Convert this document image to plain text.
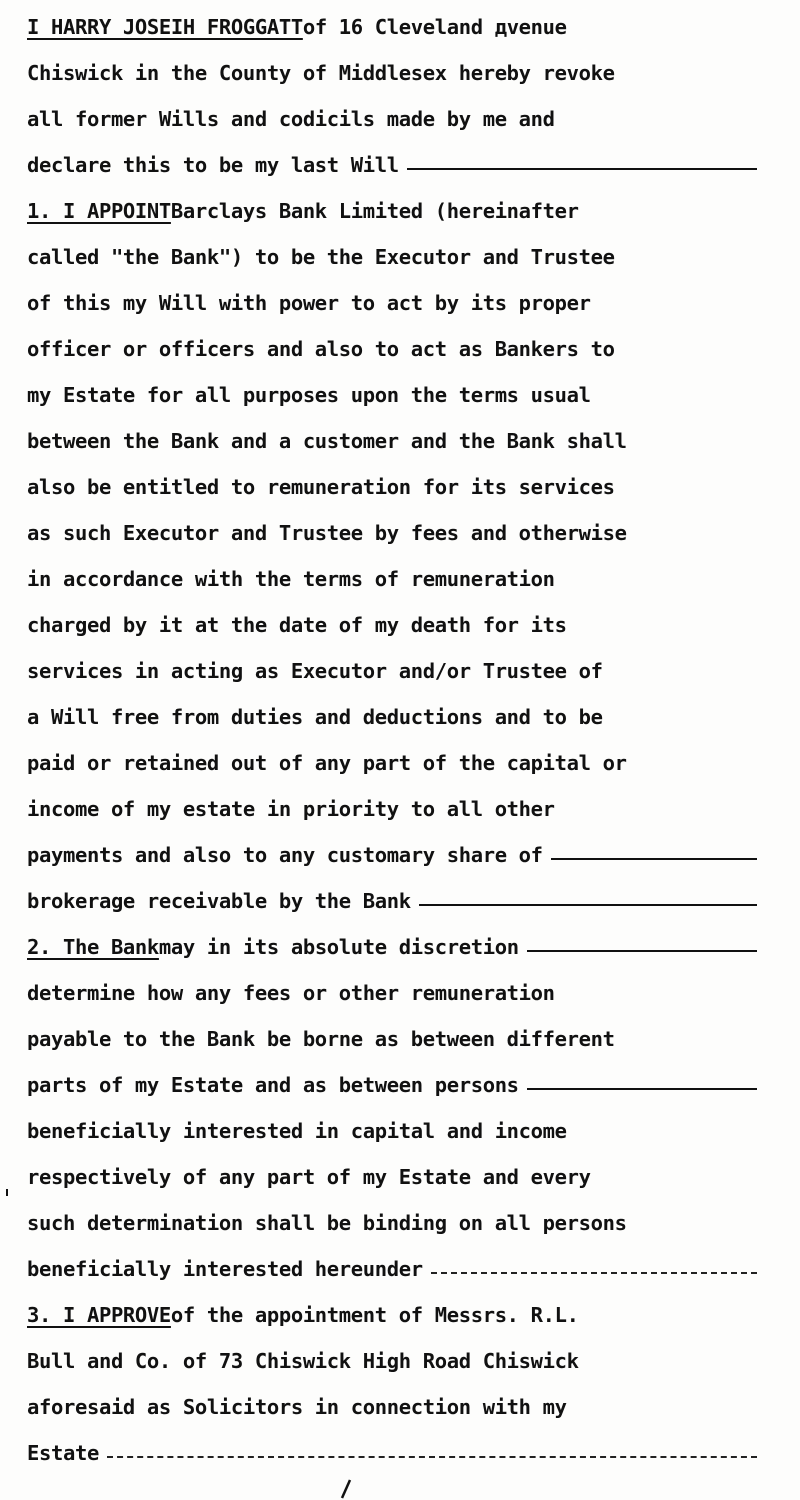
I HARRY JOSEIH FROGGATT of 16 Cleveland дvenue
Chiswick in the County of Middlesex hereby revoke
all former Wills and codicils made by me and
declare this to be my last Will
1. I APPOINT Barclays Bank Limited (hereinafter
called "the Bank") to be the Executor and Trustee
of this my Will with power to act by its proper
officer or officers and also to act as Bankers to
my Estate for all purposes upon the terms usual
between the Bank and a customer and the Bank shall
also be entitled to remuneration for its services
as such Executor and Trustee by fees and otherwise
in accordance with the terms of remuneration
charged by it at the date of my death for its
services in acting as Executor and/or Trustee of
a Will free from duties and deductions and to be
paid or retained out of any part of the capital or
income of my estate in priority to all other
payments and also to any customary share of
brokerage receivable by the Bank
2. The Bank may in its absolute discretion
determine how any fees or other remuneration
payable to the Bank be borne as between different
parts of my Estate and as between persons
beneficially interested in capital and income
respectively of any part of my Estate and every
such determination shall be binding on all persons
beneficially interested hereunder
3. I APPROVE of the appointment of Messrs. R.L.
Bull and Co. of 73 Chiswick High Road Chiswick
aforesaid as Solicitors in connection with my
Estate
